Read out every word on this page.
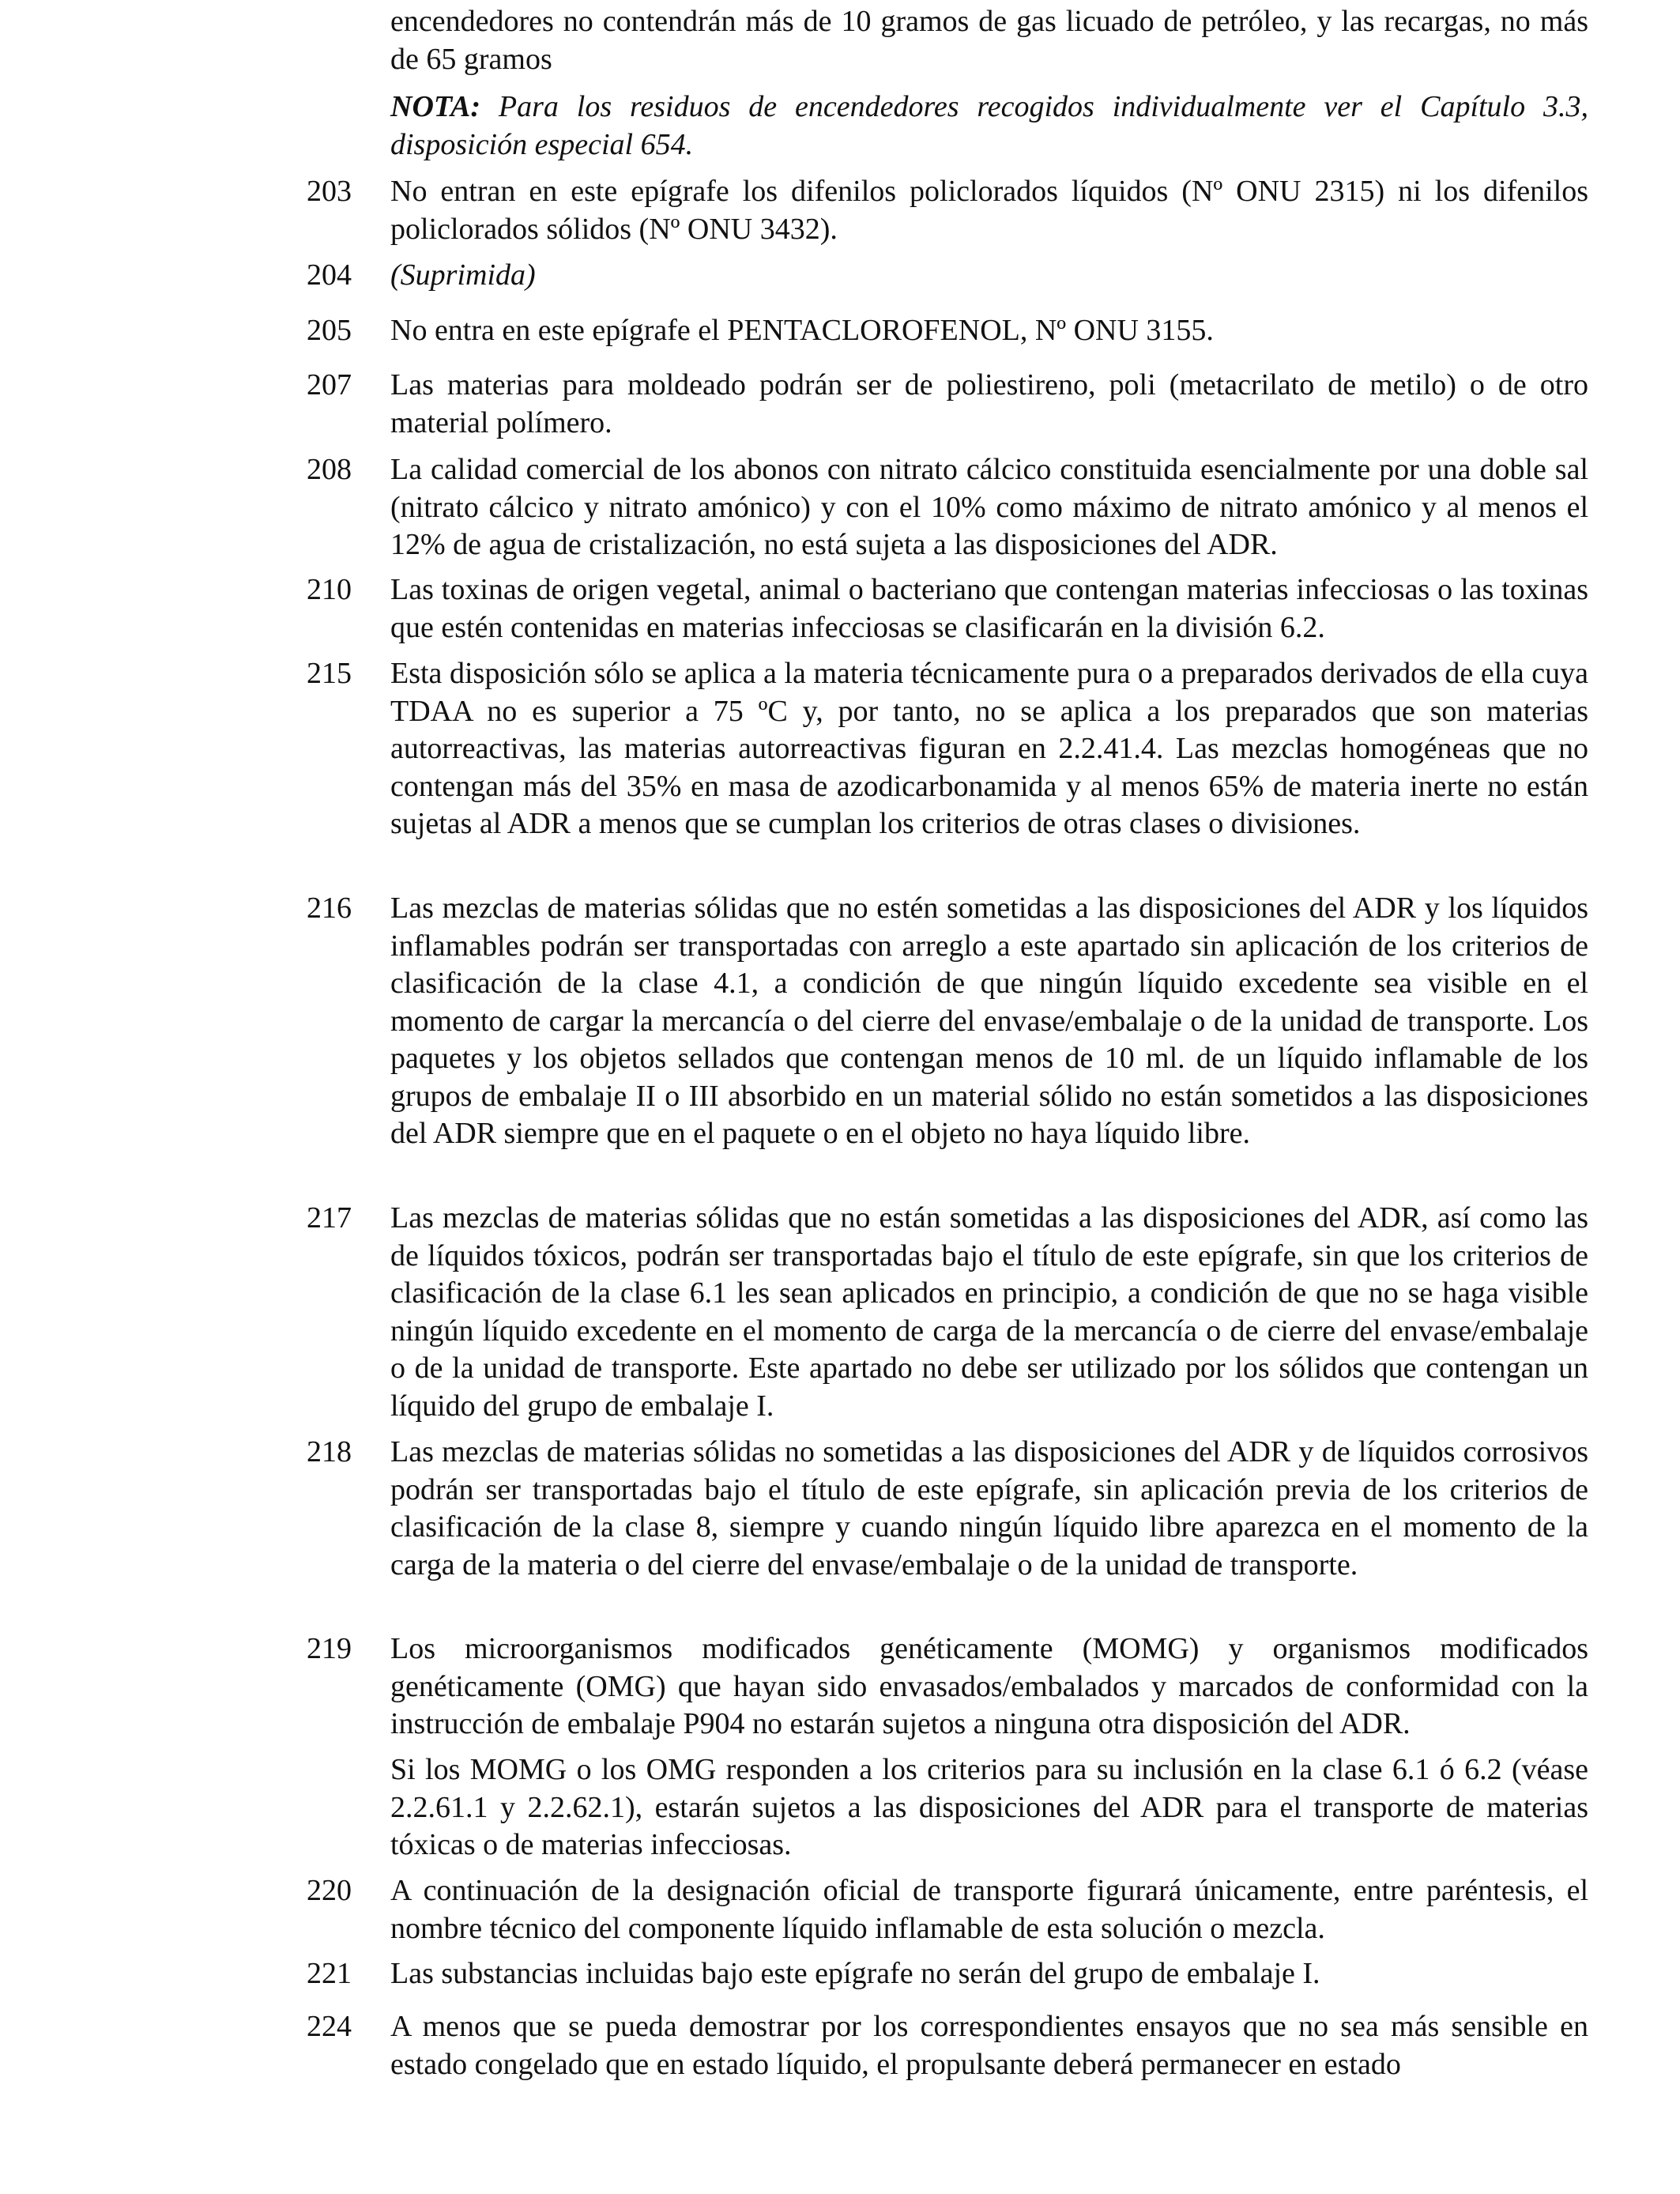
encendedores no contendrán más de 10 gramos de gas licuado de petróleo, y las recargas, no más de 65 gramos

NOTA: Para los residuos de encendedores recogidos individualmente ver el Capítulo 3.3, disposición especial 654.

203 No entran en este epígrafe los difenilos policlorados líquidos (Nº ONU 2315) ni los difenilos policlorados sólidos (Nº ONU 3432).

204 (Suprimida)

205 No entra en este epígrafe el PENTACLOROFENOL, Nº ONU 3155.

207 Las materias para moldeado podrán ser de poliestireno, poli (metacrilato de metilo) o de otro material polímero.

208 La calidad comercial de los abonos con nitrato cálcico constituida esencialmente por una doble sal (nitrato cálcico y nitrato amónico) y con el 10% como máximo de nitrato amónico y al menos el 12% de agua de cristalización, no está sujeta a las disposiciones del ADR.

210 Las toxinas de origen vegetal, animal o bacteriano que contengan materias infecciosas o las toxinas que estén contenidas en materias infecciosas se clasificarán en la división 6.2.

215 Esta disposición sólo se aplica a la materia técnicamente pura o a preparados derivados de ella cuya TDAA no es superior a 75 ºC y, por tanto, no se aplica a los preparados que son materias autorreactivas, las materias autorreactivas figuran en 2.2.41.4. Las mezclas homogéneas que no contengan más del 35% en masa de azodicarbonamida y al menos 65% de materia inerte no están sujetas al ADR a menos que se cumplan los criterios de otras clases o divisiones.

216 Las mezclas de materias sólidas que no estén sometidas a las disposiciones del ADR y los líquidos inflamables podrán ser transportadas con arreglo a este apartado sin aplicación de los criterios de clasificación de la clase 4.1, a condición de que ningún líquido excedente sea visible en el momento de cargar la mercancía o del cierre del envase/embalaje o de la unidad de transporte. Los paquetes y los objetos sellados que contengan menos de 10 ml. de un líquido inflamable de los grupos de embalaje II o III absorbido en un material sólido no están sometidos a las disposiciones del ADR siempre que en el paquete o en el objeto no haya líquido libre.

217 Las mezclas de materias sólidas que no están sometidas a las disposiciones del ADR, así como las de líquidos tóxicos, podrán ser transportadas bajo el título de este epígrafe, sin que los criterios de clasificación de la clase 6.1 les sean aplicados en principio, a condición de que no se haga visible ningún líquido excedente en el momento de carga de la mercancía o de cierre del envase/embalaje o de la unidad de transporte. Este apartado no debe ser utilizado por los sólidos que contengan un líquido del grupo de embalaje I.

218 Las mezclas de materias sólidas no sometidas a las disposiciones del ADR y de líquidos corrosivos podrán ser transportadas bajo el título de este epígrafe, sin aplicación previa de los criterios de clasificación de la clase 8, siempre y cuando ningún líquido libre aparezca en el momento de la carga de la materia o del cierre del envase/embalaje o de la unidad de transporte.

219 Los microorganismos modificados genéticamente (MOMG) y organismos modificados genéticamente (OMG) que hayan sido envasados/embalados y marcados de conformidad con la instrucción de embalaje P904 no estarán sujetos a ninguna otra disposición del ADR.

Si los MOMG o los OMG responden a los criterios para su inclusión en la clase 6.1 ó 6.2 (véase 2.2.61.1 y 2.2.62.1), estarán sujetos a las disposiciones del ADR para el transporte de materias tóxicas o de materias infecciosas.

220 A continuación de la designación oficial de transporte figurará únicamente, entre paréntesis, el nombre técnico del componente líquido inflamable de esta solución o mezcla.

221 Las substancias incluidas bajo este epígrafe no serán del grupo de embalaje I.

224 A menos que se pueda demostrar por los correspondientes ensayos que no sea más sensible en estado congelado que en estado líquido, el propulsante deberá permanecer en estado
